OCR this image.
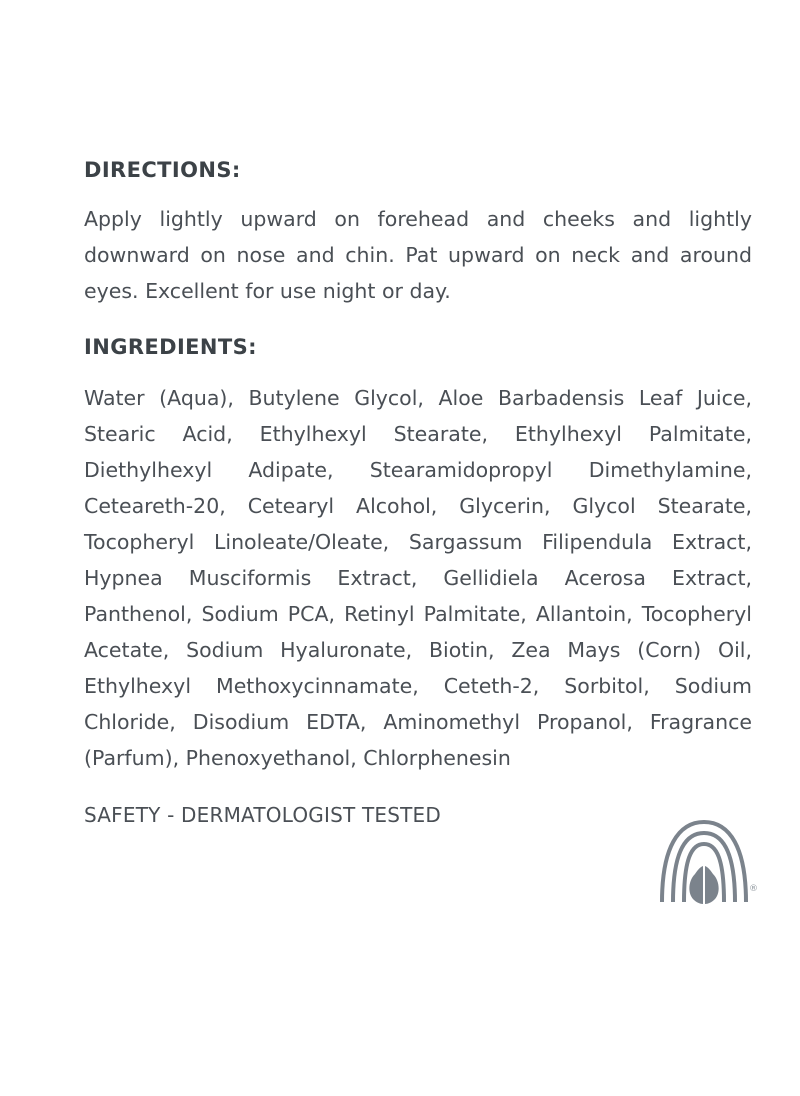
DIRECTIONS:

Apply lightly upward on forehead and cheeks and lightly downward on nose and chin. Pat upward on neck and around eyes. Excellent for use night or day.

INGREDIENTS:

Water (Aqua), Butylene Glycol, Aloe Barbadensis Leaf Juice, Stearic Acid, Ethylhexyl Stearate, Ethylhexyl Palmitate, Diethylhexyl Adipate, Stearamidopropyl Dimethylamine, Ceteareth-20, Cetearyl Alcohol, Glycerin, Glycol Stearate, Tocopheryl Linoleate/Oleate, Sargassum Filipendula Extract, Hypnea Musciformis Extract, Gellidiela Acerosa Extract, Panthenol, Sodium PCA, Retinyl Palmitate, Allantoin, Tocopheryl Acetate, Sodium Hyaluronate, Biotin, Zea Mays (Corn) Oil, Ethylhexyl Methoxycinnamate, Ceteth-2, Sorbitol, Sodium Chloride, Disodium EDTA, Aminomethyl Propanol, Fragrance (Parfum), Phenoxyethanol, Chlorphenesin

SAFETY - DERMATOLOGIST TESTED

®
